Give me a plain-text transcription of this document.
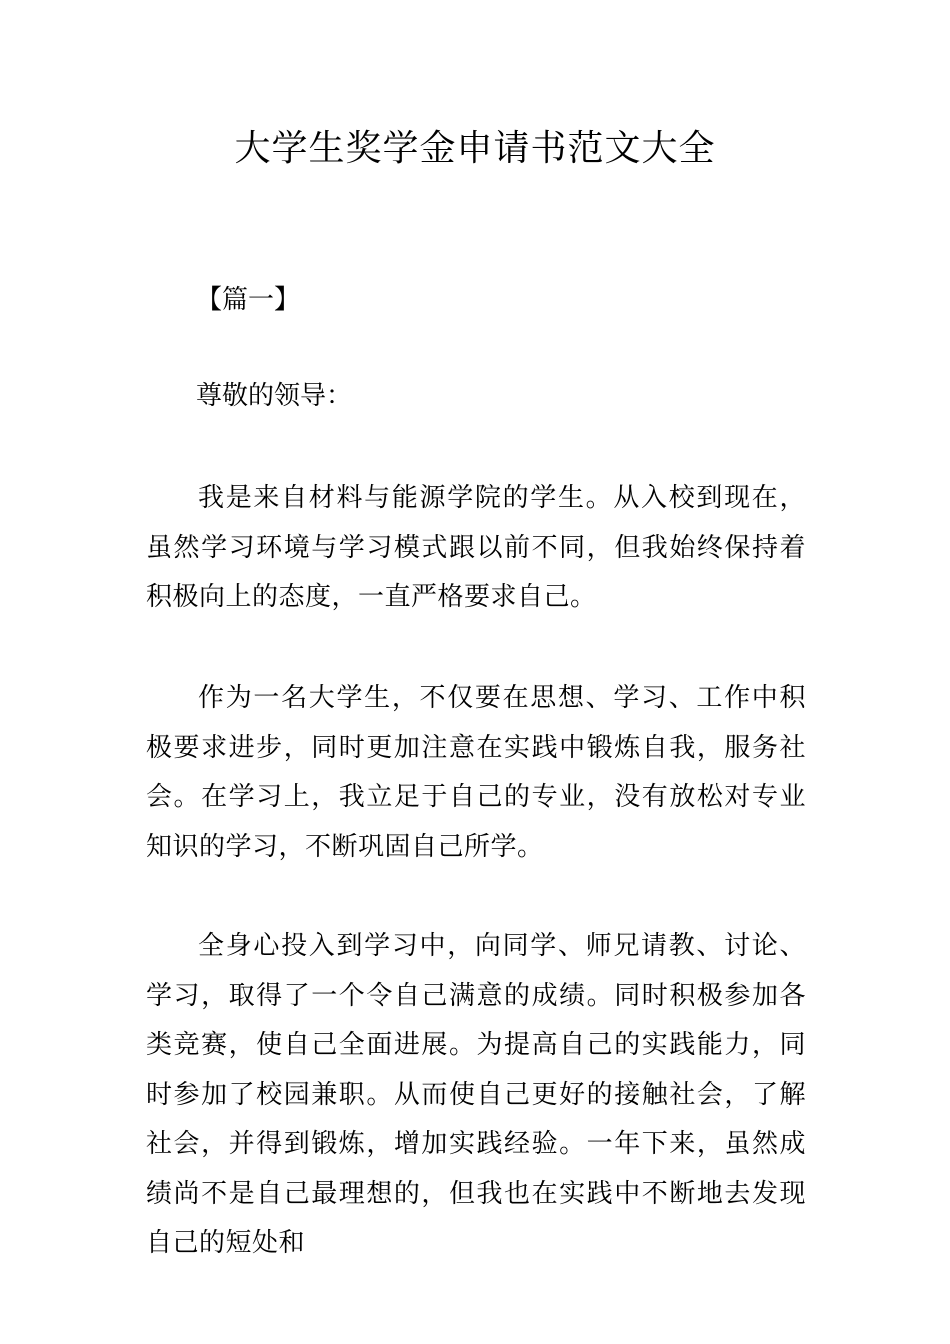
大学生奖学金申请书范文大全

【篇一】

尊敬的领导：

我是来自材料与能源学院的学生。从入校到现在，虽然学习环境与学习模式跟以前不同，但我始终保持着积极向上的态度，一直严格要求自己。

作为一名大学生，不仅要在思想、学习、工作中积极要求进步，同时更加注意在实践中锻炼自我，服务社会。在学习上，我立足于自己的专业，没有放松对专业知识的学习，不断巩固自己所学。

全身心投入到学习中，向同学、师兄请教、讨论、学习，取得了一个令自己满意的成绩。同时积极参加各类竞赛，使自己全面进展。为提高自己的实践能力，同时参加了校园兼职。从而使自己更好的接触社会，了解社会，并得到锻炼，增加实践经验。一年下来，虽然成绩尚不是自己最理想的，但我也在实践中不断地去发现自己的短处和
